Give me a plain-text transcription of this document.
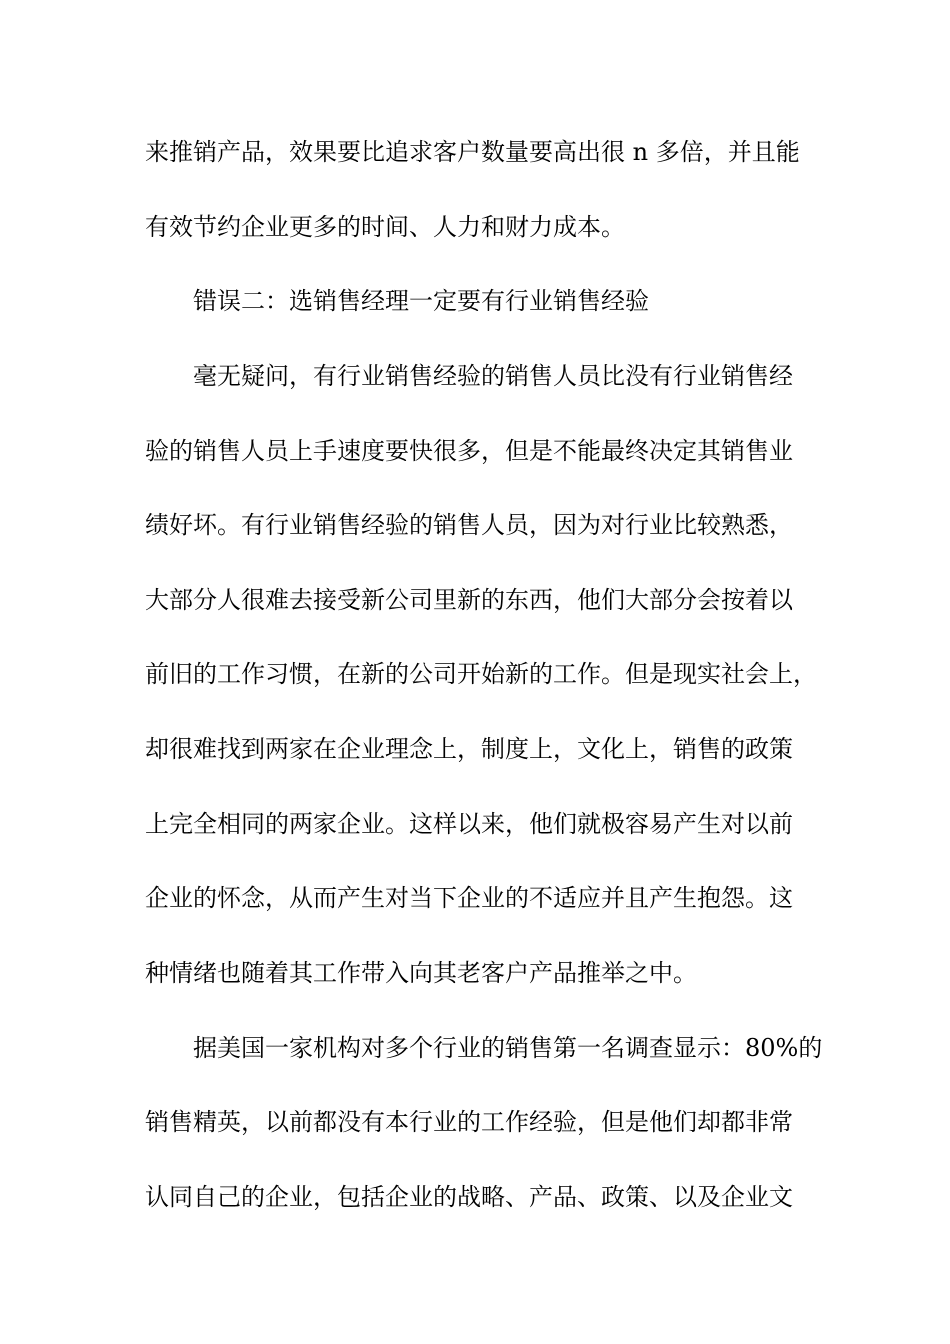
来推销产品，效果要比追求客户数量要高出很 n 多倍，并且能

有效节约企业更多的时间、人力和财力成本。

　　错误二：选销售经理一定要有行业销售经验

　　毫无疑问，有行业销售经验的销售人员比没有行业销售经

验的销售人员上手速度要快很多，但是不能最终决定其销售业

绩好坏。有行业销售经验的销售人员，因为对行业比较熟悉，

大部分人很难去接受新公司里新的东西，他们大部分会按着以

前旧的工作习惯，在新的公司开始新的工作。但是现实社会上，

却很难找到两家在企业理念上，制度上，文化上，销售的政策

上完全相同的两家企业。这样以来，他们就极容易产生对以前

企业的怀念，从而产生对当下企业的不适应并且产生抱怨。这

种情绪也随着其工作带入向其老客户产品推举之中。

　　据美国一家机构对多个行业的销售第一名调查显示：80%的

销售精英，以前都没有本行业的工作经验，但是他们却都非常

认同自己的企业，包括企业的战略、产品、政策、以及企业文
